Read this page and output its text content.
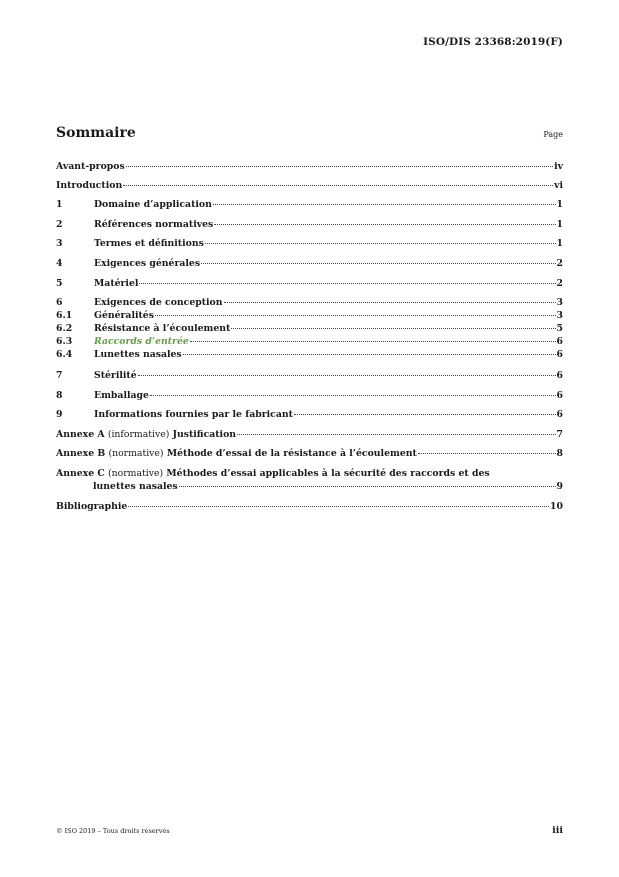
ISO/DIS 23368:2019(F)
Sommaire	Page
Avant-propos	iv
Introduction	vi
1	Domaine d’application	1
2	Références normatives	1
3	Termes et définitions	1
4	Exigences générales	2
5	Matériel	2
6	Exigences de conception	3
6.1	Généralités	3
6.2	Résistance à l’écoulement	5
6.3	Raccords d’entrée	6
6.4	Lunettes nasales	6
7	Stérilité	6
8	Emballage	6
9	Informations fournies par le fabricant	6
Annexe A (informative) Justification	7
Annexe B (normative) Méthode d’essai de la résistance à l’écoulement	8
Annexe C (normative) Méthodes d’essai applicables à la sécurité des raccords et des
lunettes nasales	9
Bibliographie	10
© ISO 2019 – Tous droits réservés	iii
